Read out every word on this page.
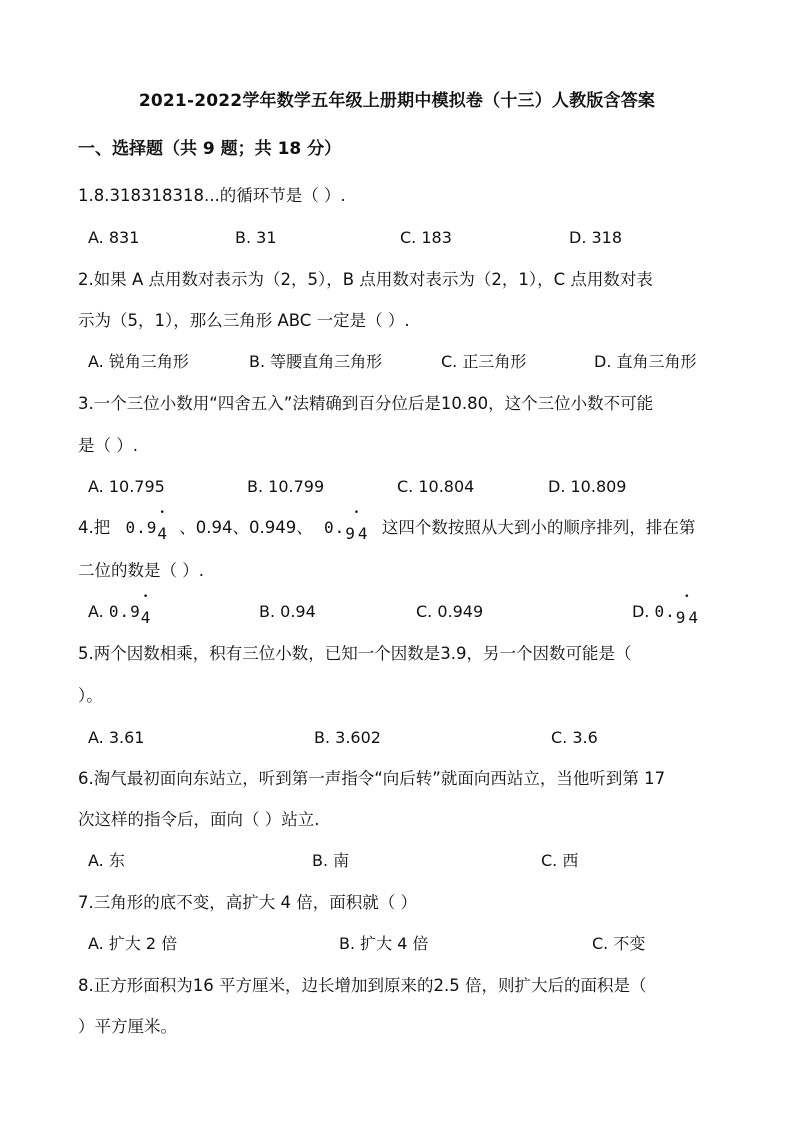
2021-2022学年数学五年级上册期中模拟卷（十三）人教版含答案
一、选择题（共 9 题；共 18 分）
1.8.318318318...的循环节是（ ）.
A. 831	B. 31	C. 183	D. 318
2.如果 A 点用数对表示为（2，5），B 点用数对表示为（2，1），C 点用数对表
示为（5，1），那么三角形 ABC 一定是（ ）.
A. 锐角三角形	B. 等腰直角三角形	C. 正三角形	D. 直角三角形
3.一个三位小数用“四舍五入”法精确到百分位后是10.80，这个三位小数不可能
是（ ）.
A. 10.795	B. 10.799	C. 10.804	D. 10.809
4.把 0.9• 4 、0.94、0.949、 0.• 94 这四个数按照从大到小的顺序排列，排在第
二位的数是（ ）.
A. 0.9• 4	B. 0.94	C. 0.949	D. 0.• 94
5.两个因数相乘，积有三位小数，已知一个因数是3.9，另一个因数可能是（
）。
A. 3.61	B. 3.602	C. 3.6
6.淘气最初面向东站立，听到第一声指令“向后转”就面向西站立，当他听到第 17
次这样的指令后，面向（ ）站立.
A. 东	B. 南	C. 西
7.三角形的底不变，高扩大 4 倍，面积就（ ）
A. 扩大 2 倍	B. 扩大 4 倍	C. 不变
8.正方形面积为16 平方厘米，边长增加到原来的2.5 倍，则扩大后的面积是（
）平方厘米。
